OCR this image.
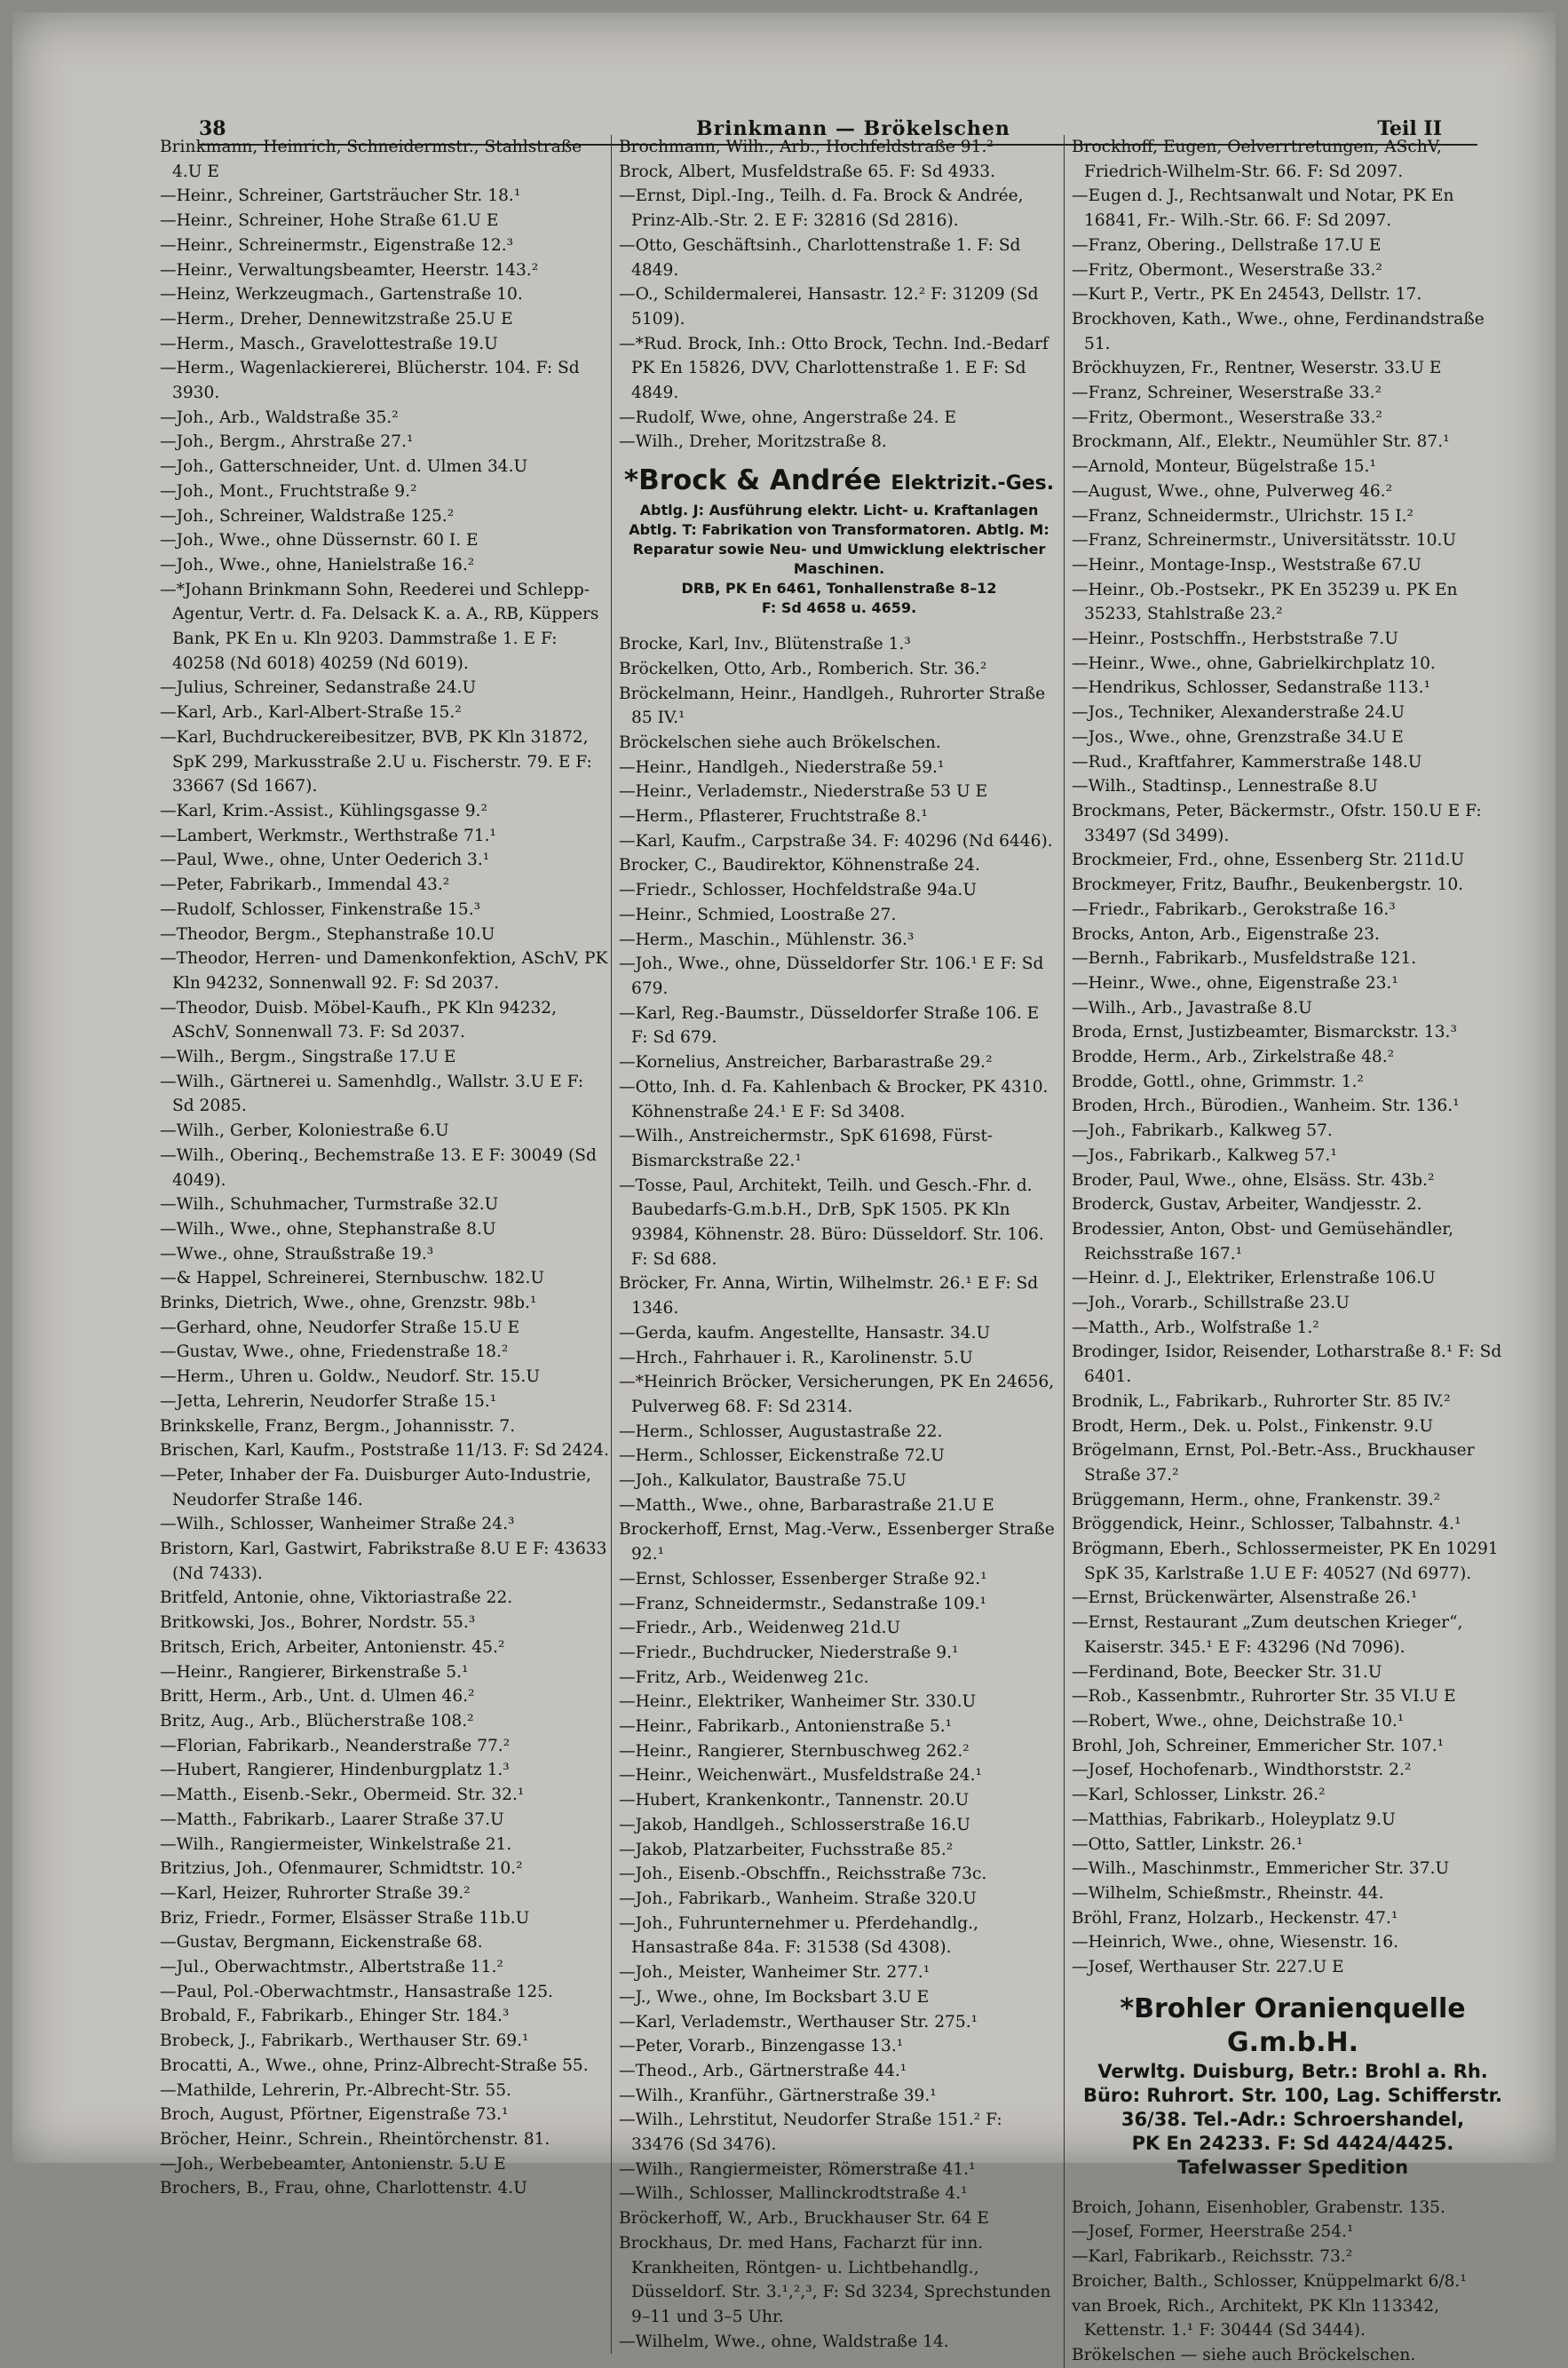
38	Brinkmann — Brökelschen	Teil II

Brinkmann, Heinrich, Schneidermstr., Stahlstraße 4.U E

—Heinr., Schreiner, Gartsträucher Str. 18.¹

—Heinr., Schreiner, Hohe Straße 61.U E

—Heinr., Schreinermstr., Eigenstraße 12.³

—Heinr., Verwaltungsbeamter, Heerstr. 143.²

—Heinz, Werkzeugmach., Gartenstraße 10.

—Herm., Dreher, Dennewitzstraße 25.U E

—Herm., Masch., Gravelottestraße 19.U

—Herm., Wagenlackiererei, Blücherstr. 104. F: Sd 3930.

—Joh., Arb., Waldstraße 35.²

—Joh., Bergm., Ahrstraße 27.¹

—Joh., Gatterschneider, Unt. d. Ulmen 34.U

—Joh., Mont., Fruchtstraße 9.²

—Joh., Schreiner, Waldstraße 125.²

—Joh., Wwe., ohne Düssernstr. 60 I. E

—Joh., Wwe., ohne, Hanielstraße 16.²

—*Johann Brinkmann Sohn, Reederei und Schlepp-Agentur, Vertr. d. Fa. Delsack K. a. A., RB, Küppers Bank, PK En u. Kln 9203. Dammstraße 1. E F: 40258 (Nd 6018) 40259 (Nd 6019).

—Julius, Schreiner, Sedanstraße 24.U

—Karl, Arb., Karl-Albert-Straße 15.²

—Karl, Buchdruckereibesitzer, BVB, PK Kln 31872, SpK 299, Markusstraße 2.U u. Fischerstr. 79. E F: 33667 (Sd 1667).

—Karl, Krim.-Assist., Kühlingsgasse 9.²

—Lambert, Werkmstr., Werthstraße 71.¹

—Paul, Wwe., ohne, Unter Oederich 3.¹

—Peter, Fabrikarb., Immendal 43.²

—Rudolf, Schlosser, Finkenstraße 15.³

—Theodor, Bergm., Stephanstraße 10.U

—Theodor, Herren- und Damenkonfektion, ASchV, PK Kln 94232, Sonnenwall 92. F: Sd 2037.

—Theodor, Duisb. Möbel-Kaufh., PK Kln 94232, ASchV, Sonnenwall 73. F: Sd 2037.

—Wilh., Bergm., Singstraße 17.U E

—Wilh., Gärtnerei u. Samenhdlg., Wallstr. 3.U E F: Sd 2085.

—Wilh., Gerber, Koloniestraße 6.U

—Wilh., Oberinq., Bechemstraße 13. E F: 30049 (Sd 4049).

—Wilh., Schuhmacher, Turmstraße 32.U

—Wilh., Wwe., ohne, Stephanstraße 8.U

—Wwe., ohne, Straußstraße 19.³

—& Happel, Schreinerei, Sternbuschw. 182.U

Brinks, Dietrich, Wwe., ohne, Grenzstr. 98b.¹

—Gerhard, ohne, Neudorfer Straße 15.U E

—Gustav, Wwe., ohne, Friedenstraße 18.²

—Herm., Uhren u. Goldw., Neudorf. Str. 15.U

—Jetta, Lehrerin, Neudorfer Straße 15.¹

Brinkskelle, Franz, Bergm., Johannisstr. 7.

Brischen, Karl, Kaufm., Poststraße 11/13. F: Sd 2424.

—Peter, Inhaber der Fa. Duisburger Auto-Industrie, Neudorfer Straße 146.

—Wilh., Schlosser, Wanheimer Straße 24.³

Bristorn, Karl, Gastwirt, Fabrikstraße 8.U E F: 43633 (Nd 7433).

Britfeld, Antonie, ohne, Viktoriastraße 22.

Britkowski, Jos., Bohrer, Nordstr. 55.³

Britsch, Erich, Arbeiter, Antonienstr. 45.²

—Heinr., Rangierer, Birkenstraße 5.¹

Britt, Herm., Arb., Unt. d. Ulmen 46.²

Britz, Aug., Arb., Blücherstraße 108.²

—Florian, Fabrikarb., Neanderstraße 77.²

—Hubert, Rangierer, Hindenburgplatz 1.³

—Matth., Eisenb.-Sekr., Obermeid. Str. 32.¹

—Matth., Fabrikarb., Laarer Straße 37.U

—Wilh., Rangiermeister, Winkelstraße 21.

Britzius, Joh., Ofenmaurer, Schmidtstr. 10.²

—Karl, Heizer, Ruhrorter Straße 39.²

Briz, Friedr., Former, Elsässer Straße 11b.U

—Gustav, Bergmann, Eickenstraße 68.

—Jul., Oberwachtmstr., Albertstraße 11.²

—Paul, Pol.-Oberwachtmstr., Hansastraße 125.

Brobald, F., Fabrikarb., Ehinger Str. 184.³

Brobeck, J., Fabrikarb., Werthauser Str. 69.¹

Brocatti, A., Wwe., ohne, Prinz-Albrecht-Straße 55.

—Mathilde, Lehrerin, Pr.-Albrecht-Str. 55.

Broch, August, Pförtner, Eigenstraße 73.¹

Bröcher, Heinr., Schrein., Rheintörchenstr. 81.

—Joh., Werbebeamter, Antonienstr. 5.U E

Brochers, B., Frau, ohne, Charlottenstr. 4.U

Brochmann, Wilh., Arb., Hochfeldstraße 91.²

Brock, Albert, Musfeldstraße 65. F: Sd 4933.

—Ernst, Dipl.-Ing., Teilh. d. Fa. Brock & Andrée, Prinz-Alb.-Str. 2. E F: 32816 (Sd 2816).

—Otto, Geschäftsinh., Charlottenstraße 1. F: Sd 4849.

—O., Schildermalerei, Hansastr. 12.² F: 31209 (Sd 5109).

—*Rud. Brock, Inh.: Otto Brock, Techn. Ind.-Bedarf PK En 15826, DVV, Charlottenstraße 1. E F: Sd 4849.

—Rudolf, Wwe, ohne, Angerstraße 24. E

—Wilh., Dreher, Moritzstraße 8.

*Brock & Andrée Elektrizit.-Ges.
Abtlg. J: Ausführung elektr. Licht- u. Kraftanlagen Abtlg. T: Fabrikation von Transformatoren. Abtlg. M: Reparatur sowie Neu- und Umwicklung elektrischer Maschinen.
DRB, PK En 6461, Tonhallenstraße 8–12
F: Sd 4658 u. 4659.

Brocke, Karl, Inv., Blütenstraße 1.³

Bröckelken, Otto, Arb., Romberich. Str. 36.²

Bröckelmann, Heinr., Handlgeh., Ruhrorter Straße 85 IV.¹

Bröckelschen siehe auch Brökelschen.

—Heinr., Handlgeh., Niederstraße 59.¹

—Heinr., Verlademstr., Niederstraße 53 U E

—Herm., Pflasterer, Fruchtstraße 8.¹

—Karl, Kaufm., Carpstraße 34. F: 40296 (Nd 6446).

Brocker, C., Baudirektor, Köhnenstraße 24.

—Friedr., Schlosser, Hochfeldstraße 94a.U

—Heinr., Schmied, Loostraße 27.

—Herm., Maschin., Mühlenstr. 36.³

—Joh., Wwe., ohne, Düsseldorfer Str. 106.¹ E F: Sd 679.

—Karl, Reg.-Baumstr., Düsseldorfer Straße 106. E F: Sd 679.

—Kornelius, Anstreicher, Barbarastraße 29.²

—Otto, Inh. d. Fa. Kahlenbach & Brocker, PK 4310. Köhnenstraße 24.¹ E F: Sd 3408.

—Wilh., Anstreichermstr., SpK 61698, Fürst-Bismarckstraße 22.¹

—Tosse, Paul, Architekt, Teilh. und Gesch.-Fhr. d. Baubedarfs-G.m.b.H., DrB, SpK 1505. PK Kln 93984, Köhnenstr. 28. Büro: Düsseldorf. Str. 106. F: Sd 688.

Bröcker, Fr. Anna, Wirtin, Wilhelmstr. 26.¹ E F: Sd 1346.

—Gerda, kaufm. Angestellte, Hansastr. 34.U

—Hrch., Fahrhauer i. R., Karolinenstr. 5.U

—*Heinrich Bröcker, Versicherungen, PK En 24656, Pulverweg 68. F: Sd 2314.

—Herm., Schlosser, Augustastraße 22.

—Herm., Schlosser, Eickenstraße 72.U

—Joh., Kalkulator, Baustraße 75.U

—Matth., Wwe., ohne, Barbarastraße 21.U E

Brockerhoff, Ernst, Mag.-Verw., Essenberger Straße 92.¹

—Ernst, Schlosser, Essenberger Straße 92.¹

—Franz, Schneidermstr., Sedanstraße 109.¹

—Friedr., Arb., Weidenweg 21d.U

—Friedr., Buchdrucker, Niederstraße 9.¹

—Fritz, Arb., Weidenweg 21c.

—Heinr., Elektriker, Wanheimer Str. 330.U

—Heinr., Fabrikarb., Antonienstraße 5.¹

—Heinr., Rangierer, Sternbuschweg 262.²

—Heinr., Weichenwärt., Musfeldstraße 24.¹

—Hubert, Krankenkontr., Tannenstr. 20.U

—Jakob, Handlgeh., Schlosserstraße 16.U

—Jakob, Platzarbeiter, Fuchsstraße 85.²

—Joh., Eisenb.-Obschffn., Reichsstraße 73c.

—Joh., Fabrikarb., Wanheim. Straße 320.U

—Joh., Fuhrunternehmer u. Pferdehandlg., Hansastraße 84a. F: 31538 (Sd 4308).

—Joh., Meister, Wanheimer Str. 277.¹

—J., Wwe., ohne, Im Bocksbart 3.U E

—Karl, Verlademstr., Werthauser Str. 275.¹

—Peter, Vorarb., Binzengasse 13.¹

—Theod., Arb., Gärtnerstraße 44.¹

—Wilh., Kranführ., Gärtnerstraße 39.¹

—Wilh., Lehrstitut, Neudorfer Straße 151.² F: 33476 (Sd 3476).

—Wilh., Rangiermeister, Römerstraße 41.¹

—Wilh., Schlosser, Mallinckrodtstraße 4.¹

Bröckerhoff, W., Arb., Bruckhauser Str. 64 E

Brockhaus, Dr. med Hans, Facharzt für inn. Krankheiten, Röntgen- u. Lichtbehandlg., Düsseldorf. Str. 3.¹,²,³, F: Sd 3234, Sprechstunden 9–11 und 3–5 Uhr.

—Wilhelm, Wwe., ohne, Waldstraße 14.

Brockhoff, Eugen, Oelverrtretungen, ASchV, Friedrich-Wilhelm-Str. 66. F: Sd 2097.

—Eugen d. J., Rechtsanwalt und Notar, PK En 16841, Fr.- Wilh.-Str. 66. F: Sd 2097.

—Franz, Obering., Dellstraße 17.U E

—Fritz, Obermont., Weserstraße 33.²

—Kurt P., Vertr., PK En 24543, Dellstr. 17.

Brockhoven, Kath., Wwe., ohne, Ferdinandstraße 51.

Bröckhuyzen, Fr., Rentner, Weserstr. 33.U E

—Franz, Schreiner, Weserstraße 33.²

—Fritz, Obermont., Weserstraße 33.²

Brockmann, Alf., Elektr., Neumühler Str. 87.¹

—Arnold, Monteur, Bügelstraße 15.¹

—August, Wwe., ohne, Pulverweg 46.²

—Franz, Schneidermstr., Ulrichstr. 15 I.²

—Franz, Schreinermstr., Universitätsstr. 10.U

—Heinr., Montage-Insp., Weststraße 67.U

—Heinr., Ob.-Postsekr., PK En 35239 u. PK En 35233, Stahlstraße 23.²

—Heinr., Postschffn., Herbststraße 7.U

—Heinr., Wwe., ohne, Gabrielkirchplatz 10.

—Hendrikus, Schlosser, Sedanstraße 113.¹

—Jos., Techniker, Alexanderstraße 24.U

—Jos., Wwe., ohne, Grenzstraße 34.U E

—Rud., Kraftfahrer, Kammerstraße 148.U

—Wilh., Stadtinsp., Lennestraße 8.U

Brockmans, Peter, Bäckermstr., Ofstr. 150.U E F: 33497 (Sd 3499).

Brockmeier, Frd., ohne, Essenberg Str. 211d.U

Brockmeyer, Fritz, Baufhr., Beukenbergstr. 10.

—Friedr., Fabrikarb., Gerokstraße 16.³

Brocks, Anton, Arb., Eigenstraße 23.

—Bernh., Fabrikarb., Musfeldstraße 121.

—Heinr., Wwe., ohne, Eigenstraße 23.¹

—Wilh., Arb., Javastraße 8.U

Broda, Ernst, Justizbeamter, Bismarckstr. 13.³

Brodde, Herm., Arb., Zirkelstraße 48.²

Brodde, Gottl., ohne, Grimmstr. 1.²

Broden, Hrch., Bürodien., Wanheim. Str. 136.¹

—Joh., Fabrikarb., Kalkweg 57.

—Jos., Fabrikarb., Kalkweg 57.¹

Broder, Paul, Wwe., ohne, Elsäss. Str. 43b.²

Broderck, Gustav, Arbeiter, Wandjesstr. 2.

Brodessier, Anton, Obst- und Gemüsehändler, Reichsstraße 167.¹

—Heinr. d. J., Elektriker, Erlenstraße 106.U

—Joh., Vorarb., Schillstraße 23.U

—Matth., Arb., Wolfstraße 1.²

Brodinger, Isidor, Reisender, Lotharstraße 8.¹ F: Sd 6401.

Brodnik, L., Fabrikarb., Ruhrorter Str. 85 IV.²

Brodt, Herm., Dek. u. Polst., Finkenstr. 9.U

Brögelmann, Ernst, Pol.-Betr.-Ass., Bruckhauser Straße 37.²

Brüggemann, Herm., ohne, Frankenstr. 39.²

Bröggendick, Heinr., Schlosser, Talbahnstr. 4.¹

Brögmann, Eberh., Schlossermeister, PK En 10291 SpK 35, Karlstraße 1.U E F: 40527 (Nd 6977).

—Ernst, Brückenwärter, Alsenstraße 26.¹

—Ernst, Restaurant „Zum deutschen Krieger“, Kaiserstr. 345.¹ E F: 43296 (Nd 7096).

—Ferdinand, Bote, Beecker Str. 31.U

—Rob., Kassenbmtr., Ruhrorter Str. 35 VI.U E

—Robert, Wwe., ohne, Deichstraße 10.¹

Brohl, Joh, Schreiner, Emmericher Str. 107.¹

—Josef, Hochofenarb., Windthorststr. 2.²

—Karl, Schlosser, Linkstr. 26.²

—Matthias, Fabrikarb., Holeyplatz 9.U

—Otto, Sattler, Linkstr. 26.¹

—Wilh., Maschinmstr., Emmericher Str. 37.U

—Wilhelm, Schießmstr., Rheinstr. 44.

Bröhl, Franz, Holzarb., Heckenstr. 47.¹

—Heinrich, Wwe., ohne, Wiesenstr. 16.

—Josef, Werthauser Str. 227.U E

*Brohler Oranienquelle G.m.b.H.
Verwltg. Duisburg, Betr.: Brohl a. Rh.
Büro: Ruhrort. Str. 100, Lag. Schifferstr. 36/38. Tel.-Adr.: Schroershandel,
PK En 24233. F: Sd 4424/4425.
Tafelwasser Spedition

Broich, Johann, Eisenhobler, Grabenstr. 135.

—Josef, Former, Heerstraße 254.¹

—Karl, Fabrikarb., Reichsstr. 73.²

Broicher, Balth., Schlosser, Knüppelmarkt 6/8.¹

van Broek, Rich., Architekt, PK Kln 113342, Kettenstr. 1.¹ F: 30444 (Sd 3444).

Brökelschen — siehe auch Bröckelschen.
